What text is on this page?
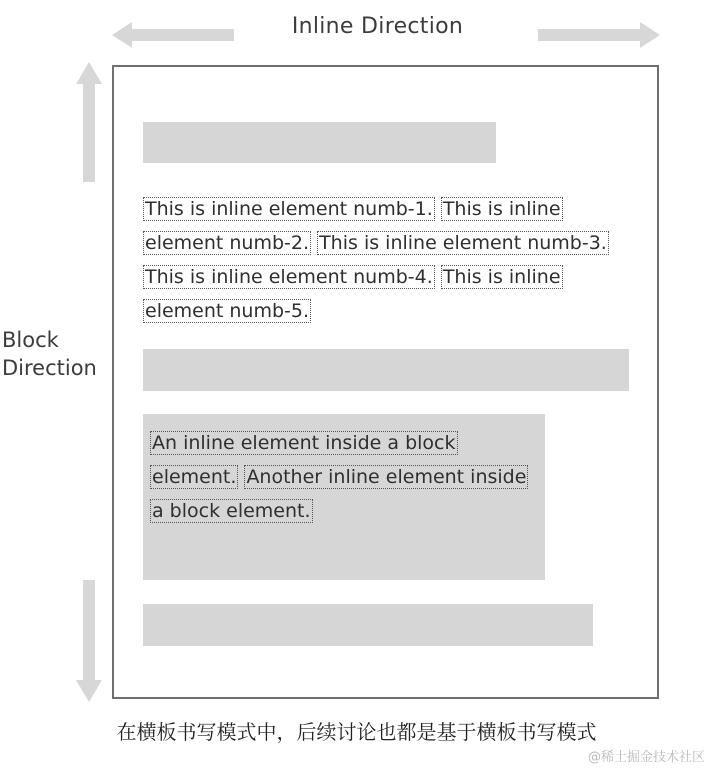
Inline Direction
Block
Direction
This is inline element numb-1. This is inline element numb-2. This is inline element numb-3. This is inline element numb-4. This is inline element numb-5.
An inline element inside a block element. Another inline element inside a block element.
在横板书写模式中，后续讨论也都是基于横板书写模式
@稀土掘金技术社区
